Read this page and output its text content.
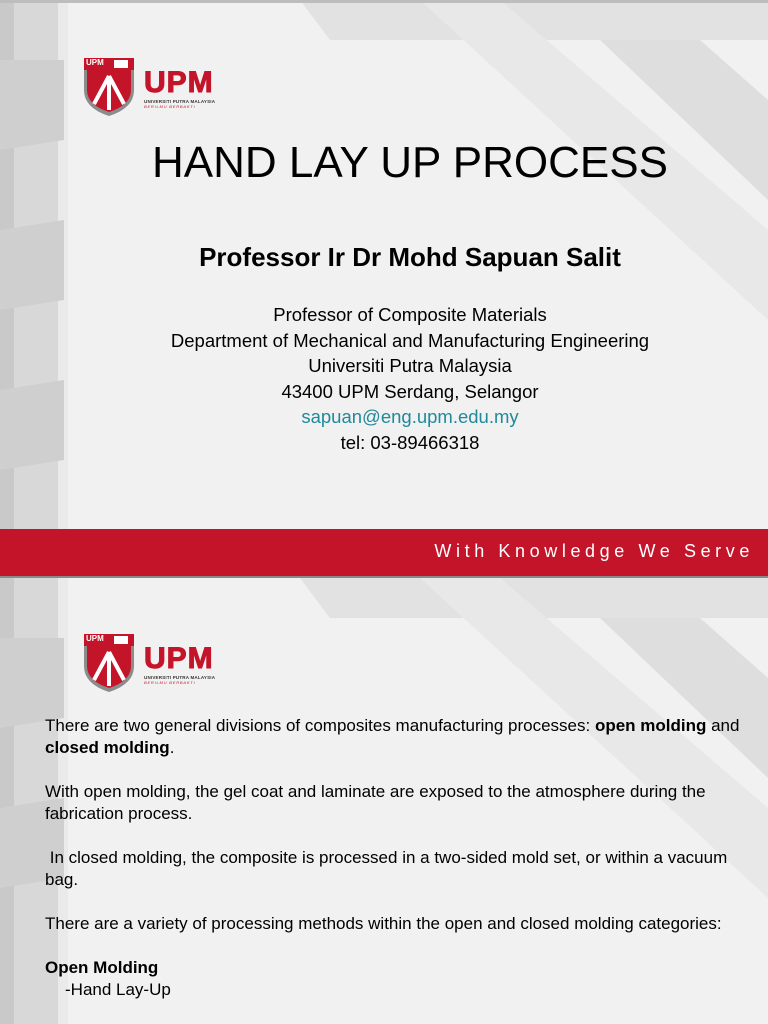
UPM
UPM
UNIVERSITI PUTRA MALAYSIA
BERILMU BERBAKTI
HAND LAY UP PROCESS
Professor Ir Dr Mohd Sapuan Salit
Professor of Composite Materials
Department of Mechanical and Manufacturing Engineering
Universiti Putra Malaysia
43400 UPM Serdang, Selangor
sapuan@eng.upm.edu.my
tel: 03-89466318
With Knowledge We Serve
UPM
UPM
UNIVERSITI PUTRA MALAYSIA
BERILMU BERBAKTI

There are two general divisions of composites manufacturing processes: open molding and closed molding.

With open molding, the gel coat and laminate are exposed to the atmosphere during the fabrication process.

In closed molding, the composite is processed in a two-sided mold set, or within a vacuum bag.

There are a variety of processing methods within the open and closed molding categories:

Open Molding
-Hand Lay-Up
